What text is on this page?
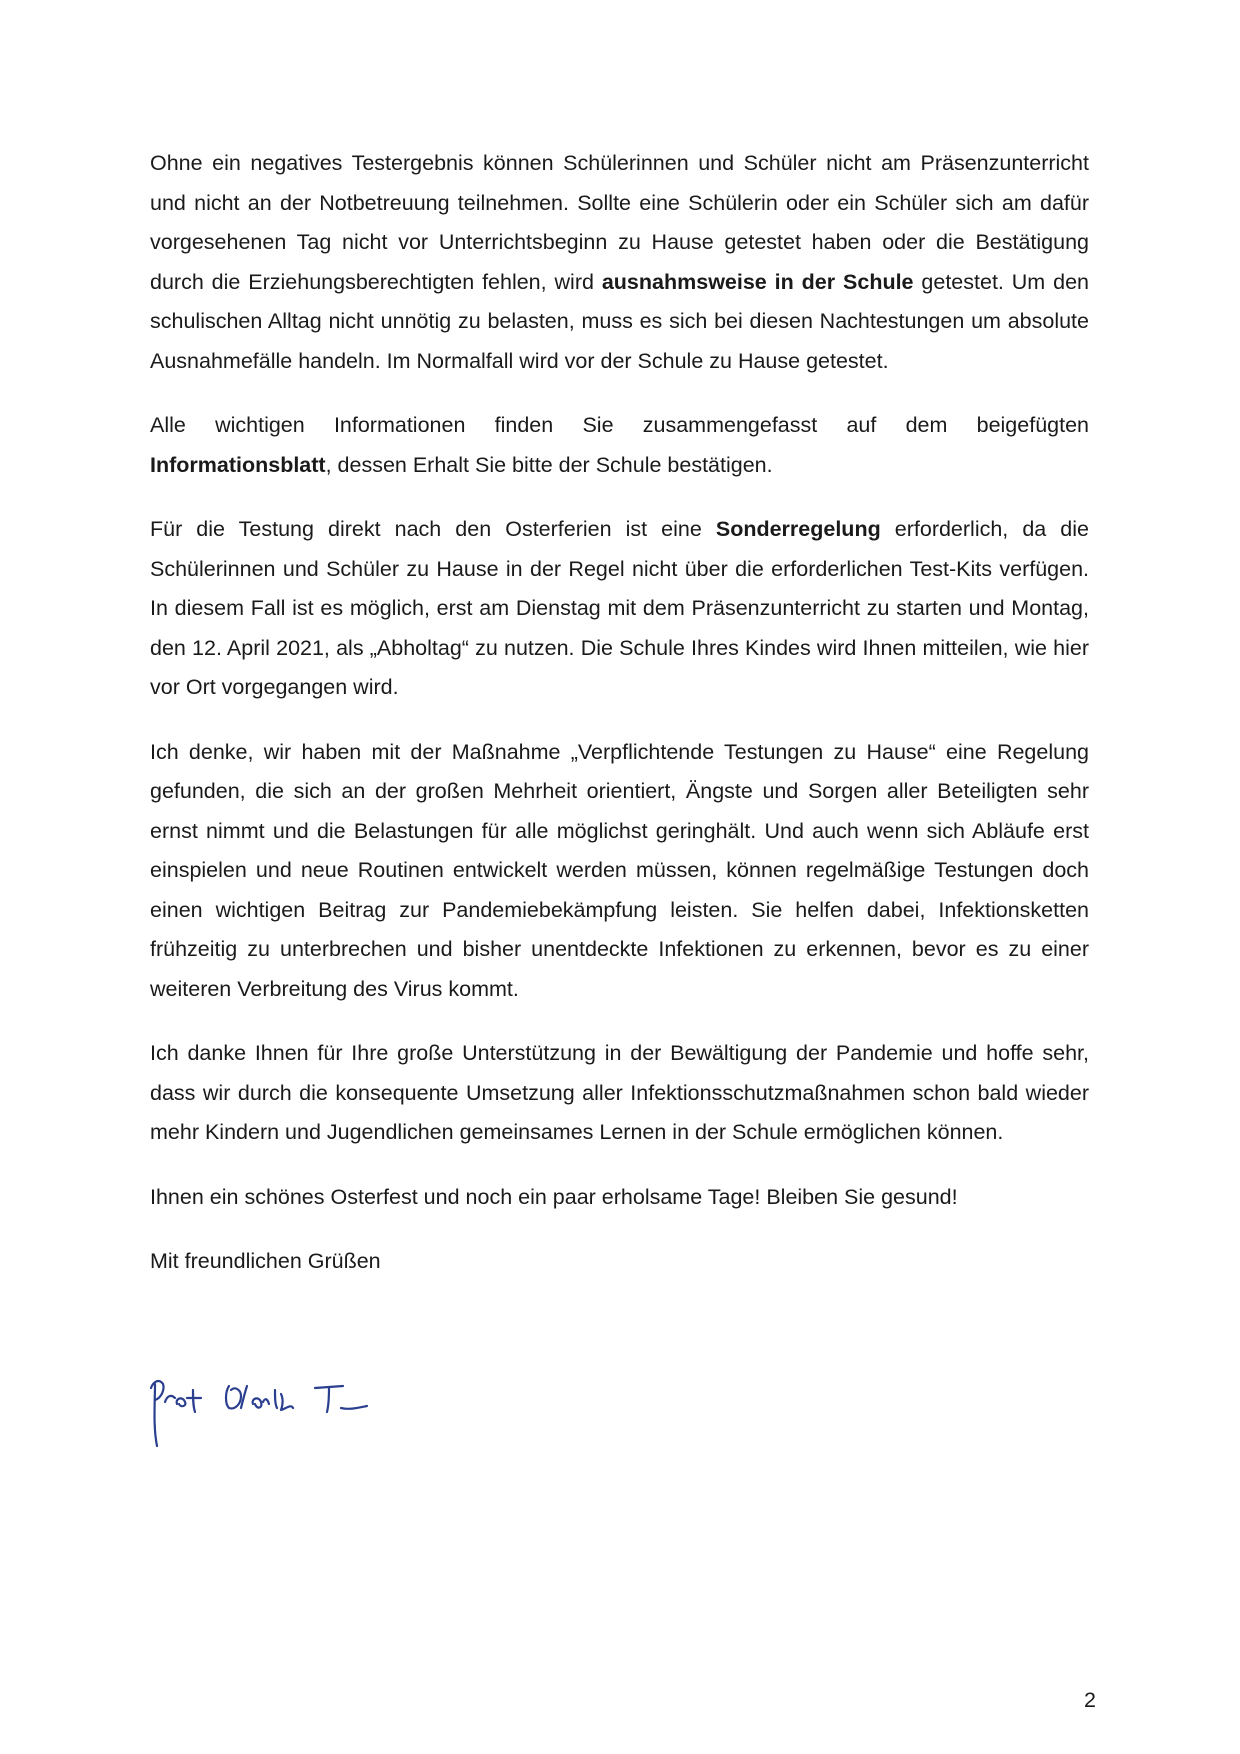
Ohne ein negatives Testergebnis können Schülerinnen und Schüler nicht am Präsenzunterricht und nicht an der Notbetreuung teilnehmen. Sollte eine Schülerin oder ein Schüler sich am dafür vorgesehenen Tag nicht vor Unterrichtsbeginn zu Hause getestet haben oder die Bestätigung durch die Erziehungsberechtigten fehlen, wird ausnahmsweise in der Schule getestet. Um den schulischen Alltag nicht unnötig zu belasten, muss es sich bei diesen Nachtestungen um absolute Ausnahmefälle handeln. Im Normalfall wird vor der Schule zu Hause getestet.

Alle wichtigen Informationen finden Sie zusammengefasst auf dem beigefügten Informationsblatt, dessen Erhalt Sie bitte der Schule bestätigen.

Für die Testung direkt nach den Osterferien ist eine Sonderregelung erforderlich, da die Schülerinnen und Schüler zu Hause in der Regel nicht über die erforderlichen Test-Kits verfügen. In diesem Fall ist es möglich, erst am Dienstag mit dem Präsenzunterricht zu starten und Montag, den 12. April 2021, als „Abholtag“ zu nutzen. Die Schule Ihres Kindes wird Ihnen mitteilen, wie hier vor Ort vorgegangen wird.

Ich denke, wir haben mit der Maßnahme „Verpflichtende Testungen zu Hause“ eine Regelung gefunden, die sich an der großen Mehrheit orientiert, Ängste und Sorgen aller Beteiligten sehr ernst nimmt und die Belastungen für alle möglichst geringhält. Und auch wenn sich Abläufe erst einspielen und neue Routinen entwickelt werden müssen, können regelmäßige Testungen doch einen wichtigen Beitrag zur Pandemiebekämpfung leisten. Sie helfen dabei, Infektionsketten frühzeitig zu unterbrechen und bisher unentdeckte Infektionen zu erkennen, bevor es zu einer weiteren Verbreitung des Virus kommt.

Ich danke Ihnen für Ihre große Unterstützung in der Bewältigung der Pandemie und hoffe sehr, dass wir durch die konsequente Umsetzung aller Infektionsschutzmaßnahmen schon bald wieder mehr Kindern und Jugendlichen gemeinsames Lernen in der Schule ermöglichen können.

Ihnen ein schönes Osterfest und noch ein paar erholsame Tage! Bleiben Sie gesund!

Mit freundlichen Grüßen

2
